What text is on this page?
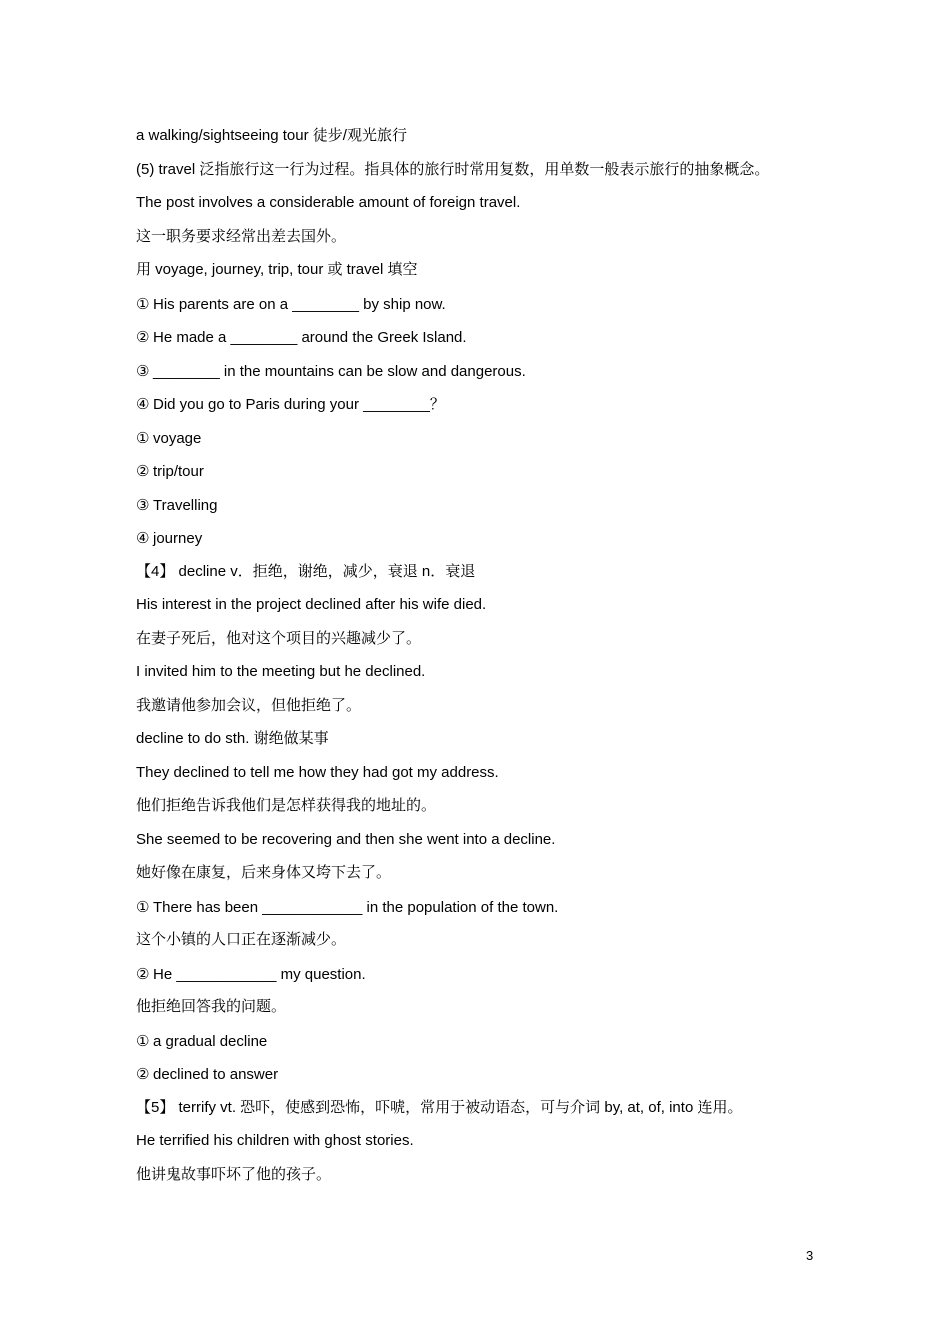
a walking/sightseeing tour 徒步/观光旅行
(5) travel 泛指旅行这一行为过程。指具体的旅行时常用复数，用单数一般表示旅行的抽象概念。
The post involves a considerable amount of foreign travel.
这一职务要求经常出差去国外。
用 voyage, journey, trip, tour 或 travel 填空
① His parents are on a ________ by ship now.
② He made a ________ around the Greek Island.
③ ________ in the mountains can be slow and dangerous.
④ Did you go to Paris during your ________？
① voyage
② trip/tour
③ Travelling
④ journey
【4】 decline v．拒绝，谢绝，减少，衰退 n．衰退
His interest in the project declined after his wife died.
在妻子死后，他对这个项目的兴趣减少了。
I invited him to the meeting but he declined.
我邀请他参加会议，但他拒绝了。
decline to do sth. 谢绝做某事
They declined to tell me how they had got my address.
他们拒绝告诉我他们是怎样获得我的地址的。
She seemed to be recovering and then she went into a decline.
她好像在康复，后来身体又垮下去了。
① There has been ____________ in the population of the town.
这个小镇的人口正在逐渐减少。
② He ____________ my question.
他拒绝回答我的问题。
① a gradual decline
② declined to answer
【5】 terrify vt. 恐吓，使感到恐怖，吓唬，常用于被动语态，可与介词 by, at, of, into 连用。
He terrified his children with ghost stories.
他讲鬼故事吓坏了他的孩子。
3
